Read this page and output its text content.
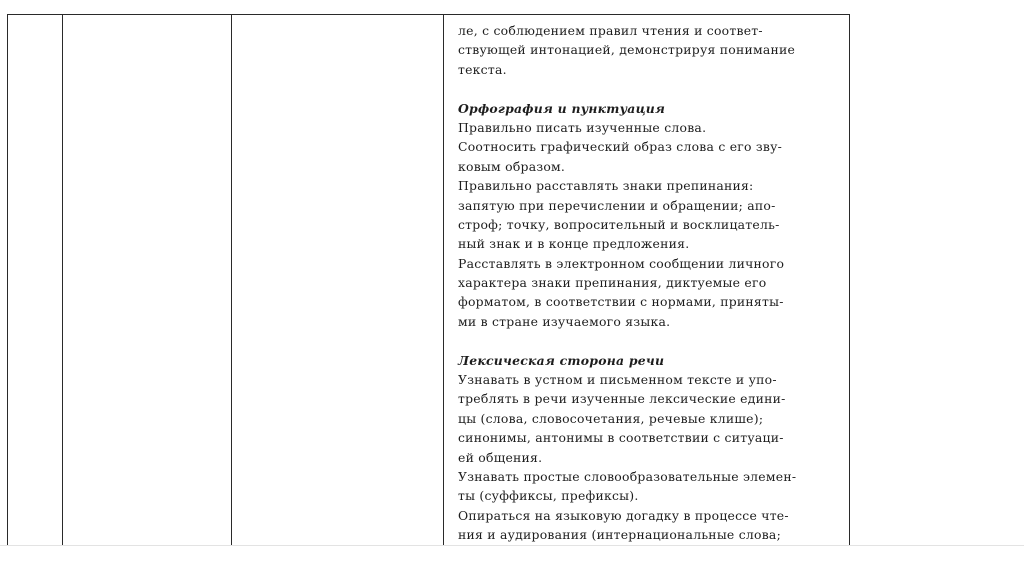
ле, с соблюдением правил чтения и соответ-
ствующей интонацией, демонстрируя понимание
текста.
Орфография и пунктуация
Правильно писать изученные слова.
Соотносить графический образ слова с его зву-
ковым образом.
Правильно расставлять знаки препинания:
запятую при перечислении и обращении; апо-
строф; точку, вопросительный и восклицатель-
ный знак и в конце предложения.
Расставлять в электронном сообщении личного
характера знаки препинания, диктуемые его
форматом, в соответствии с нормами, приняты-
ми в стране изучаемого языка.
Лексическая сторона речи
Узнавать в устном и письменном тексте и упо-
треблять в речи изученные лексические едини-
цы (слова, словосочетания, речевые клише);
синонимы, антонимы в соответствии с ситуаци-
ей общения.
Узнавать простые словообразовательные элемен-
ты (суффиксы, префиксы).
Опираться на языковую догадку в процессе чте-
ния и аудирования (интернациональные слова;
